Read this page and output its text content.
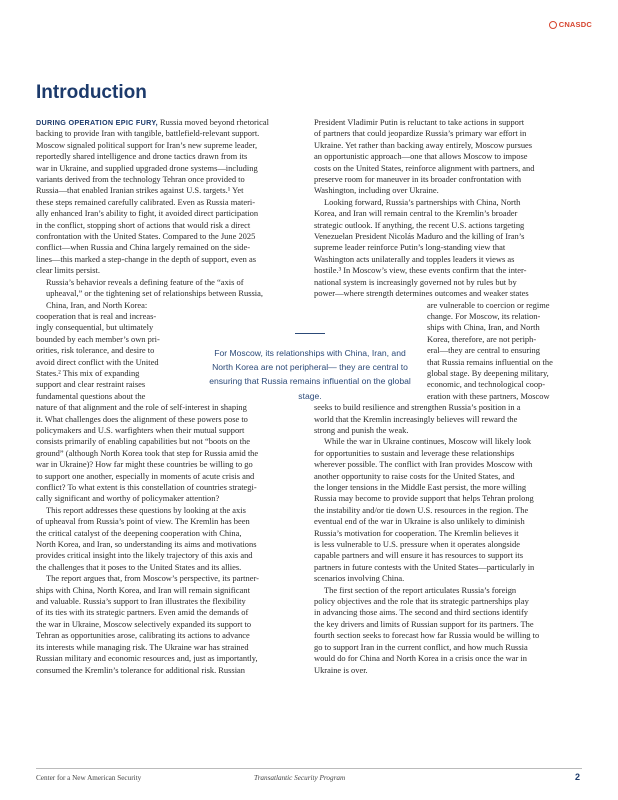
CNASDC
Introduction

DURING OPERATION EPIC FURY, Russia moved beyond rhetorical
backing to provide Iran with tangible, battlefield-relevant support.
Moscow signaled political support for Iran’s new supreme leader,
reportedly shared intelligence and drone tactics drawn from its
war in Ukraine, and supplied upgraded drone systems—including
variants derived from the technology Tehran once provided to
Russia—that enabled Iranian strikes against U.S. targets.¹ Yet
these steps remained carefully calibrated. Even as Russia materi-
ally enhanced Iran’s ability to fight, it avoided direct participation
in the conflict, stopping short of actions that would risk a direct
confrontation with the United States. Compared to the June 2025
conflict—when Russia and China largely remained on the side-
lines—this marked a step-change in the depth of support, even as
clear limits persist.

Russia’s behavior reveals a defining feature of the “axis of
upheaval,” or the tightening set of relationships between Russia,
China, Iran, and North Korea:
cooperation that is real and increas-
ingly consequential, but ultimately
bounded by each member’s own pri-
orities, risk tolerance, and desire to
avoid direct conflict with the United
States.² This mix of expanding
support and clear restraint raises
fundamental questions about the
nature of that alignment and the role of self-interest in shaping
it. What challenges does the alignment of these powers pose to
policymakers and U.S. warfighters when their mutual support
consists primarily of enabling capabilities but not “boots on the
ground” (although North Korea took that step for Russia amid the
war in Ukraine)? How far might these countries be willing to go
to support one another, especially in moments of acute crisis and
conflict? To what extent is this constellation of countries strategi-
cally significant and worthy of policymaker attention?

This report addresses these questions by looking at the axis
of upheaval from Russia’s point of view. The Kremlin has been
the critical catalyst of the deepening cooperation with China,
North Korea, and Iran, so understanding its aims and motivations
provides critical insight into the likely trajectory of this axis and
the challenges that it poses to the United States and its allies.

The report argues that, from Moscow’s perspective, its partner-
ships with China, North Korea, and Iran will remain significant
and valuable. Russia’s support to Iran illustrates the flexibility
of its ties with its strategic partners. Even amid the demands of
the war in Ukraine, Moscow selectively expanded its support to
Tehran as opportunities arose, calibrating its actions to advance
its interests while managing risk. The Ukraine war has strained
Russian military and economic resources and, just as importantly,
consumed the Kremlin’s tolerance for additional risk. Russian

President Vladimir Putin is reluctant to take actions in support
of partners that could jeopardize Russia’s primary war effort in
Ukraine. Yet rather than backing away entirely, Moscow pursues
an opportunistic approach—one that allows Moscow to impose
costs on the United States, reinforce alignment with partners, and
preserve room for maneuver in its broader confrontation with
Washington, including over Ukraine.

Looking forward, Russia’s partnerships with China, North
Korea, and Iran will remain central to the Kremlin’s broader
strategic outlook. If anything, the recent U.S. actions targeting
Venezuelan President Nicolás Maduro and the killing of Iran’s
supreme leader reinforce Putin’s long-standing view that
Washington acts unilaterally and topples leaders it views as
hostile.³ In Moscow’s view, these events confirm that the inter-
national system is increasingly governed not by rules but by
power—where strength determines outcomes and weaker states
are vulnerable to coercion or regime
change. For Moscow, its relation-
ships with China, Iran, and North
Korea, therefore, are not periph-
eral—they are central to ensuring
that Russia remains influential on the
global stage. By deepening military,
economic, and technological coop-
eration with these partners, Moscow
seeks to build resilience and strengthen Russia’s position in a
world that the Kremlin increasingly believes will reward the
strong and punish the weak.

While the war in Ukraine continues, Moscow will likely look
for opportunities to sustain and leverage these relationships
wherever possible. The conflict with Iran provides Moscow with
another opportunity to raise costs for the United States, and
the longer tensions in the Middle East persist, the more willing
Russia may become to provide support that helps Tehran prolong
the instability and/or tie down U.S. resources in the region. The
eventual end of the war in Ukraine is also unlikely to diminish
Russia’s motivation for cooperation. The Kremlin believes it
is less vulnerable to U.S. pressure when it operates alongside
capable partners and will ensure it has resources to support its
partners in future contests with the United States—particularly in
scenarios involving China.

The first section of the report articulates Russia’s foreign
policy objectives and the role that its strategic partnerships play
in advancing those aims. The second and third sections identify
the key drivers and limits of Russian support for its partners. The
fourth section seeks to forecast how far Russia would be willing to
go to support Iran in the current conflict, and how much Russia
would do for China and North Korea in a crisis once the war in
Ukraine is over.

For Moscow, its relationships with China, Iran, and North Korea are not peripheral— they are central to ensuring that Russia remains influential on the global stage.
Center for a New American Security	Transatlantic Security Program	2
